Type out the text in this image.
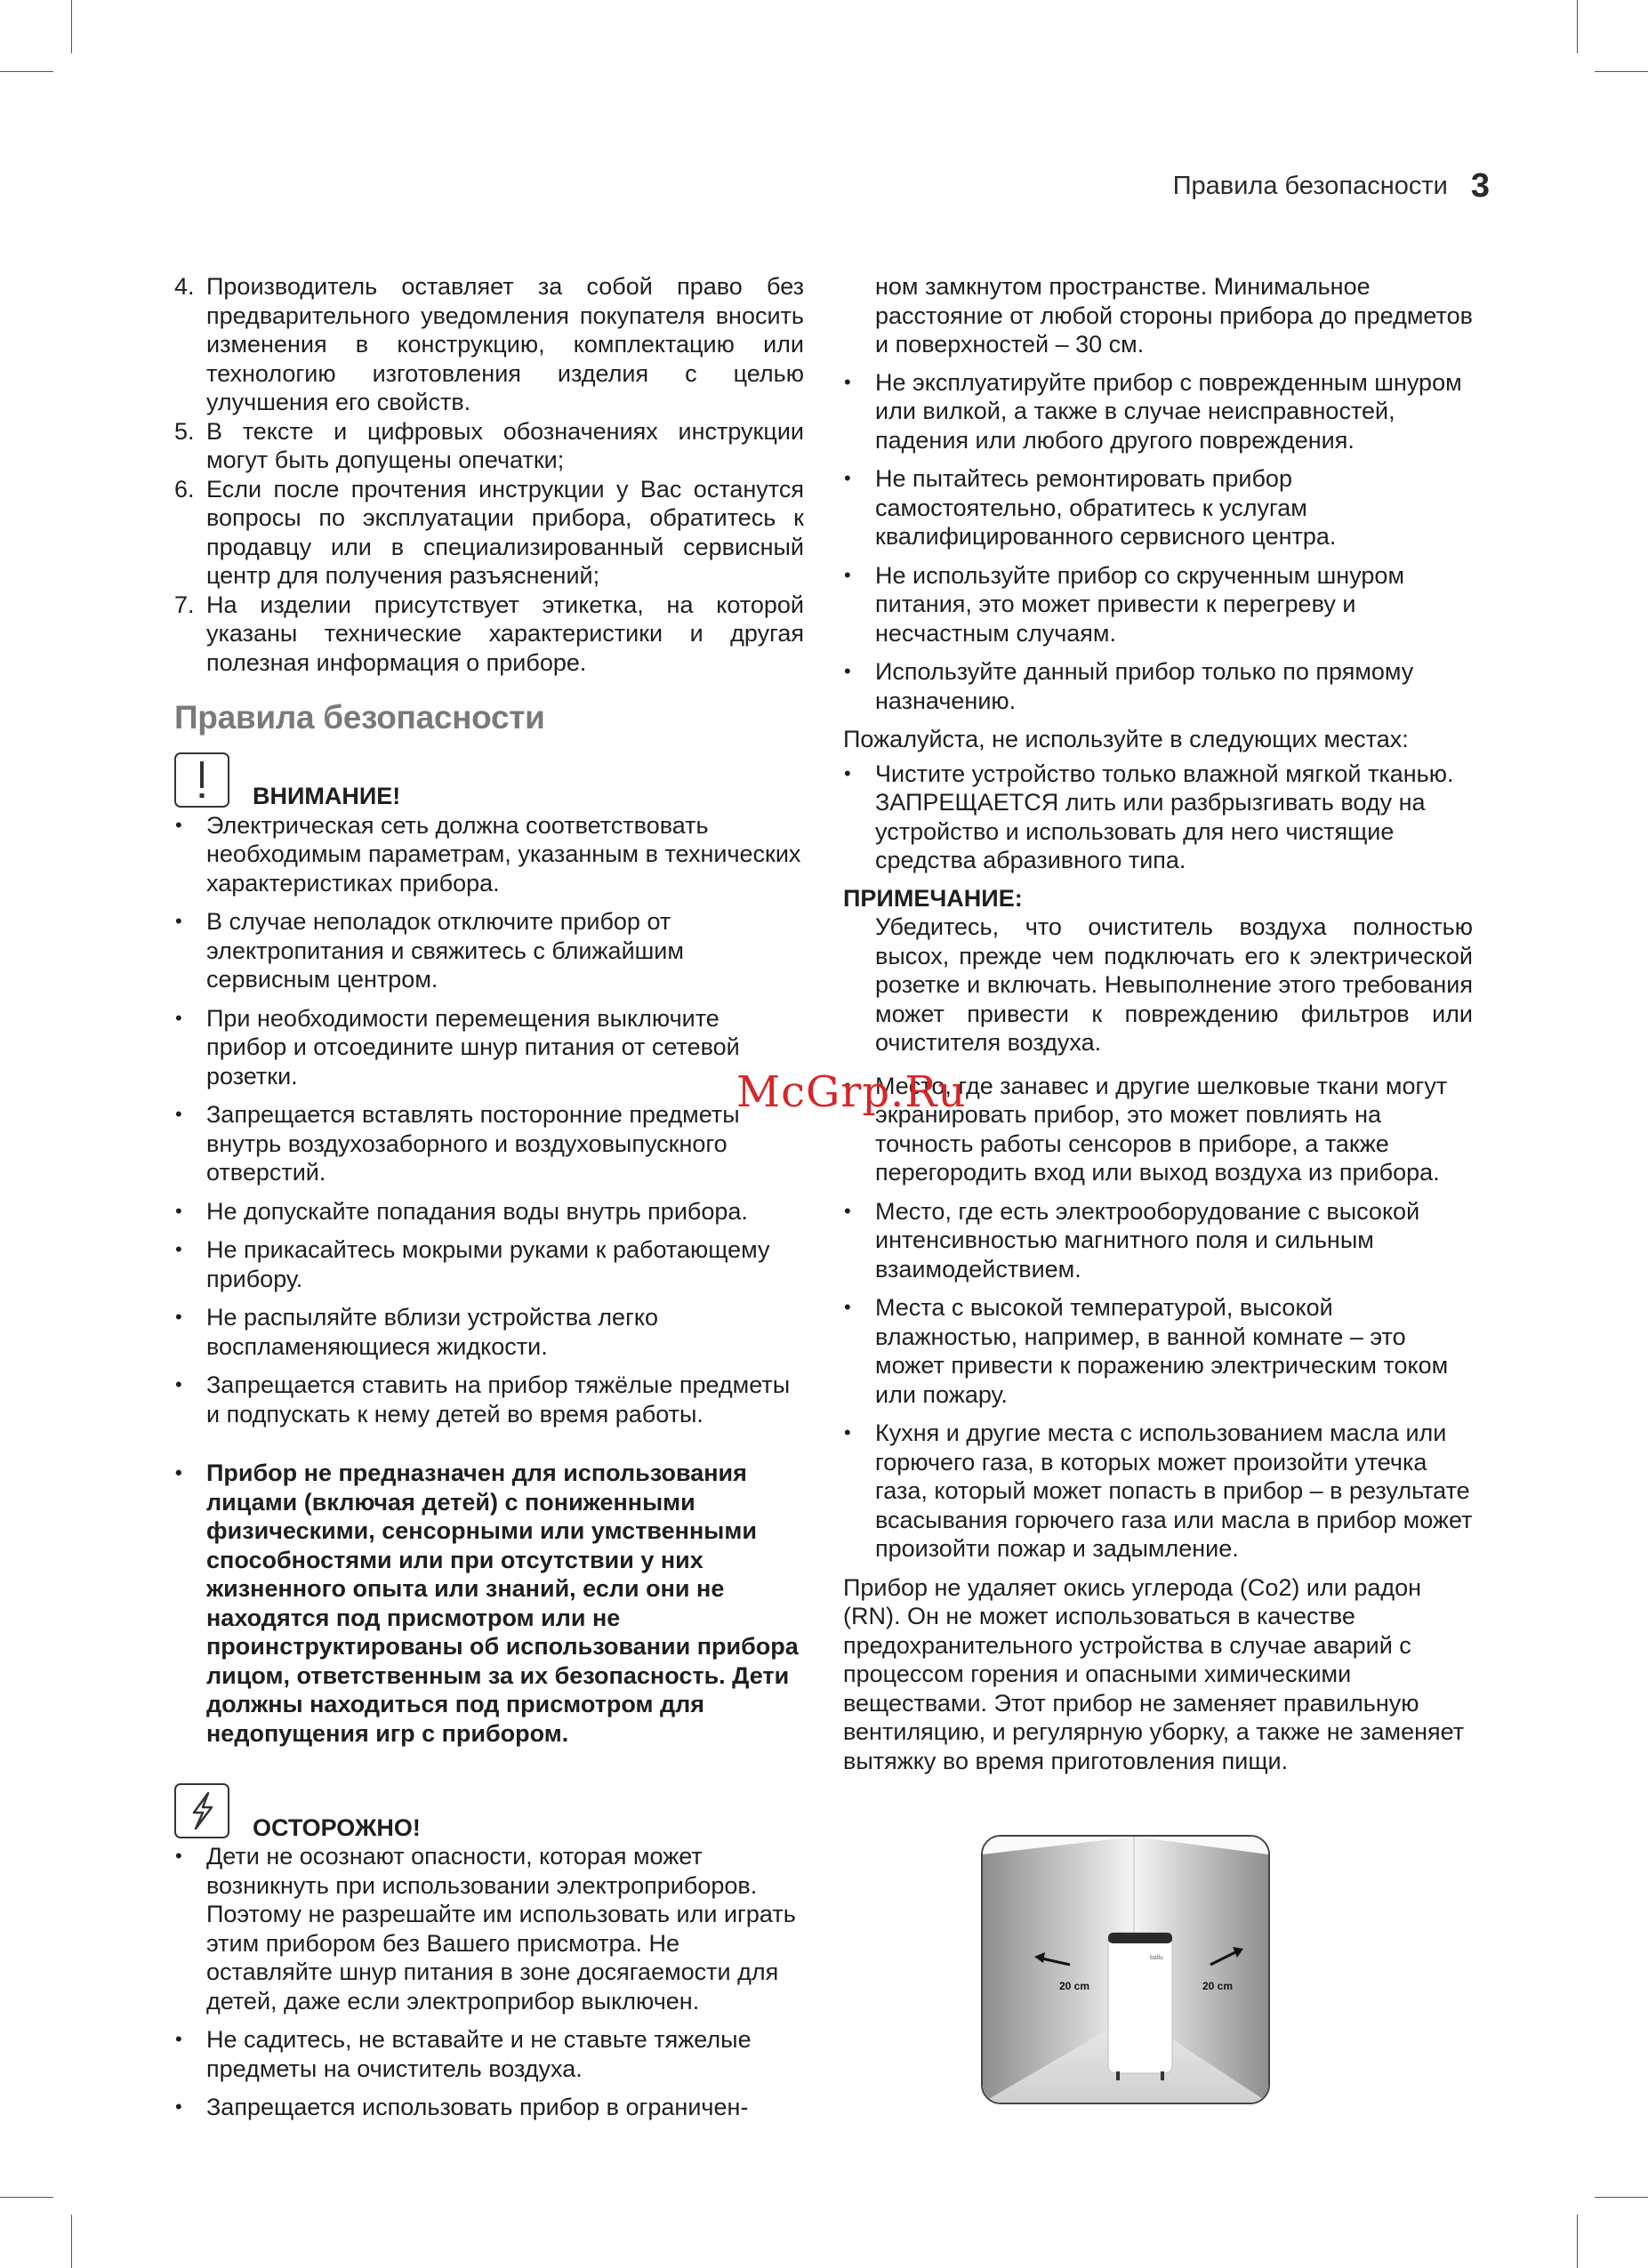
Правила безопасности 3

4. Производитель оставляет за собой право без предварительного уведомления покупателя вносить изменения в конструкцию, комплектацию или технологию изготовления изделия с целью улучшения его свойств.

5. В тексте и цифровых обозначениях инструкции могут быть допущены опечатки;

6. Если после прочтения инструкции у Вас останутся вопросы по эксплуатации прибора, обратитесь к продавцу или в специализированный сервисный центр для получения разъяснений;

7. На изделии присутствует этикетка, на которой указаны технические характеристики и другая полезная информация о приборе.

Правила безопасности
ВНИМАНИЕ!

• Электрическая сеть должна соответствовать необходимым параметрам, указанным в технических характеристиках прибора.

• В случае неполадок отключите прибор от электропитания и свяжитесь с ближайшим сервисным центром.

• При необходимости перемещения выключите прибор и отсоедините шнур питания от сетевой розетки.

• Запрещается вставлять посторонние предметы внутрь воздухозаборного и воздуховыпускного отверстий.

• Не допускайте попадания воды внутрь прибора.

• Не прикасайтесь мокрыми руками к работающему прибору.

• Не распыляйте вблизи устройства легко воспламеняющиеся жидкости.

• Запрещается ставить на прибор тяжёлые предметы и подпускать к нему детей во время работы.

• Прибор не предназначен для использования лицами (включая детей) с пониженными физическими, сенсорными или умственными способностями или при отсутствии у них жизненного опыта или знаний, если они не находятся под присмотром или не проинструктированы об использовании прибора лицом, ответственным за их безопасность. Дети должны находиться под присмотром для недопущения игр с прибором.

ОСТОРОЖНО!

• Дети не осознают опасности, которая может возникнуть при использовании электроприборов. Поэтому не разрешайте им использовать или играть этим прибором без Вашего присмотра. Не оставляйте шнур питания в зоне досягаемости для детей, даже если электроприбор выключен.

• Не садитесь, не вставайте и не ставьте тяжелые предметы на очиститель воздуха.

• Запрещается использовать прибор в ограничен-

ном замкнутом пространстве. Минимальное расстояние от любой стороны прибора до предметов и поверхностей – 30 см.

• Не эксплуатируйте прибор с поврежденным шнуром или вилкой, а также в случае неисправностей, падения или любого другого повреждения.

• Не пытайтесь ремонтировать прибор самостоятельно, обратитесь к услугам квалифицированного сервисного центра.

• Не используйте прибор со скрученным шнуром питания, это может привести к перегреву и несчастным случаям.

• Используйте данный прибор только по прямому назначению.

Пожалуйста, не используйте в следующих местах:

• Чистите устройство только влажной мягкой тканью.

ЗАПРЕЩАЕТСЯ лить или разбрызгивать воду на устройство и использовать для него чистящие средства абразивного типа.

ПРИМЕЧАНИЕ:

Убедитесь, что очиститель воздуха полностью высох, прежде чем подключать его к электрической розетке и включать. Невыполнение этого требования может привести к повреждению фильтров или очистителя воздуха.

• Место, где занавес и другие шелковые ткани могут экранировать прибор, это может повлиять на точность работы сенсоров в приборе, а также перегородить вход или выход воздуха из прибора.

• Место, где есть электрооборудование с высокой интенсивностью магнитного поля и сильным взаимодействием.

• Места с высокой температурой, высокой влажностью, например, в ванной комнате – это может привести к поражению электрическим током или пожару.

• Кухня и другие места с использованием масла или горючего газа, в которых может произойти утечка газа, который может попасть в прибор – в результате всасывания горючего газа или масла в прибор может произойти пожар и задымление.

Прибор не удаляет окись углерода (Co2) или радон (RN). Он не может использоваться в качестве предохранительного устройства в случае аварий с процессом горения и опасными химическими веществами. Этот прибор не заменяет правильную вентиляцию, и регулярную уборку, а также не заменяет вытяжку во время приготовления пищи.

McGrp.Ru
ballu
20 cm	20 cm
